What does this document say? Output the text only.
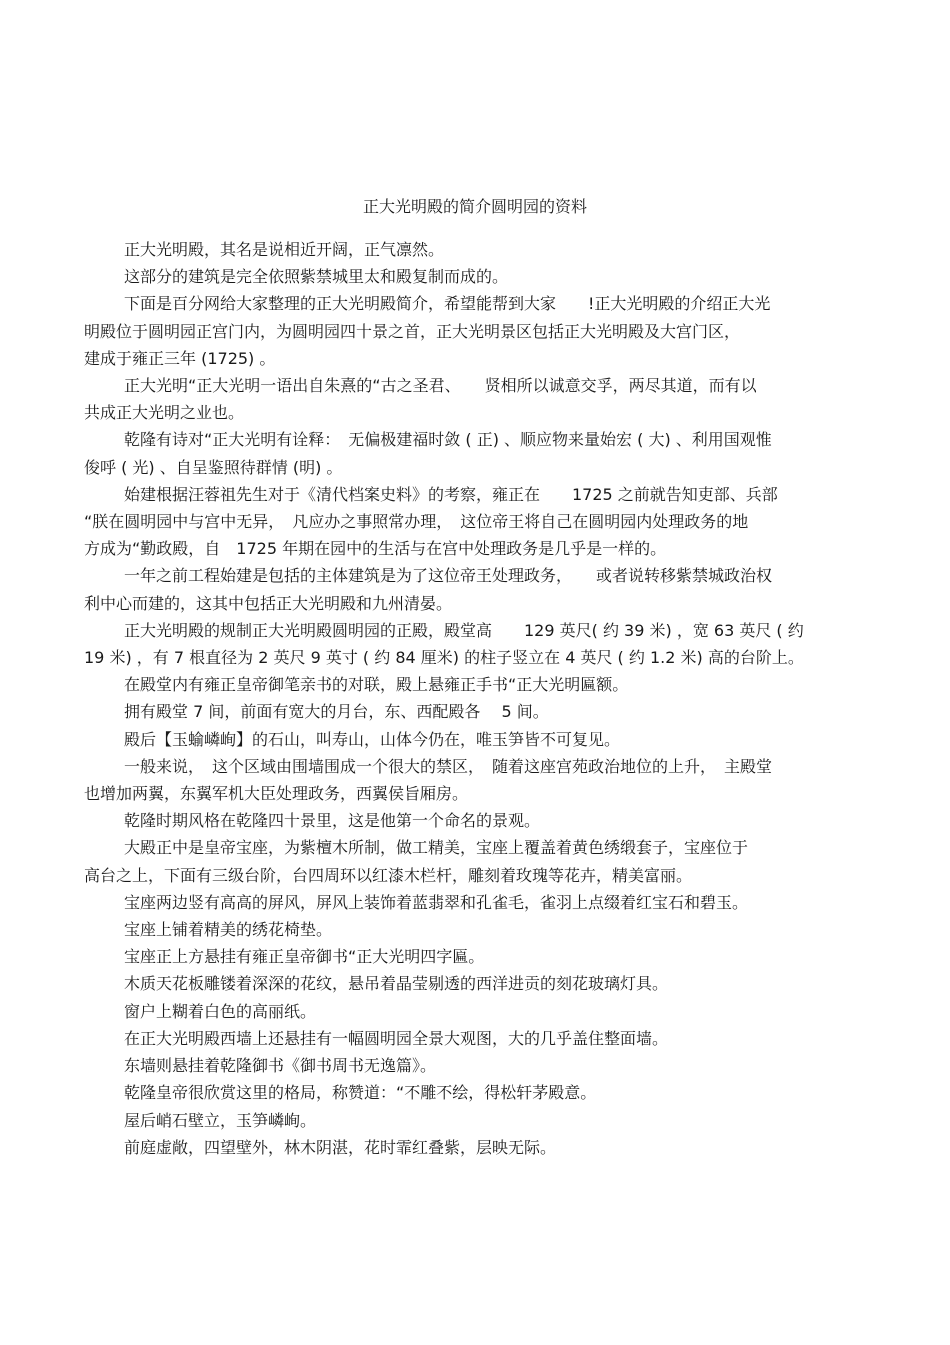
正大光明殿的简介圆明园的资料
正大光明殿，其名是说相近开阔，正气凛然。
这部分的建筑是完全依照紫禁城里太和殿复制而成的。
下面是百分网给大家整理的正大光明殿简介，希望能帮到大家　　!正大光明殿的介绍正大光
明殿位于圆明园正宫门内，为圆明园四十景之首，正大光明景区包括正大光明殿及大宫门区，
建成于雍正三年 (1725) 。
正大光明“正大光明一语出自朱熹的“古之圣君、　　贤相所以诚意交孚，两尽其道，而有以
共成正大光明之业也。
乾隆有诗对“正大光明有诠释：　无偏极建福时敛 ( 正) 、顺应物来量始宏 ( 大) 、利用国观惟
俊呼 ( 光) 、自呈鉴照待群情 (明) 。
始建根据汪蓉祖先生对于《清代档案史料》的考察，雍正在　　1725 之前就告知吏部、兵部
“朕在圆明园中与宫中无异，　凡应办之事照常办理，　这位帝王将自己在圆明园内处理政务的地
方成为“勤政殿，自　1725 年期在园中的生活与在宫中处理政务是几乎是一样的。
一年之前工程始建是包括的主体建筑是为了这位帝王处理政务，　　或者说转移紫禁城政治权
利中心而建的，这其中包括正大光明殿和九州清晏。
正大光明殿的规制正大光明殿圆明园的正殿，殿堂高　　129 英尺( 约 39 米) ，宽 63 英尺 ( 约
19 米) ，有 7 根直径为 2 英尺 9 英寸 ( 约 84 厘米) 的柱子竖立在 4 英尺 ( 约 1.2 米) 高的台阶上。
在殿堂内有雍正皇帝御笔亲书的对联，殿上悬雍正手书“正大光明匾额。
拥有殿堂 7 间，前面有宽大的月台，东、西配殿各　 5 间。
殿后【玉蝓嶙峋】的石山，叫寿山，山体今仍在，唯玉笋皆不可复见。
一般来说，　这个区域由围墙围成一个很大的禁区，　随着这座宫苑政治地位的上升，　主殿堂
也增加两翼，东翼军机大臣处理政务，西翼侯旨厢房。
乾隆时期风格在乾隆四十景里，这是他第一个命名的景观。
大殿正中是皇帝宝座，为紫檀木所制，做工精美，宝座上覆盖着黄色绣缎套子，宝座位于
高台之上，下面有三级台阶，台四周环以红漆木栏杆，雕刻着玫瑰等花卉，精美富丽。
宝座两边竖有高高的屏风，屏风上装饰着蓝翡翠和孔雀毛，雀羽上点缀着红宝石和碧玉。
宝座上铺着精美的绣花椅垫。
宝座正上方悬挂有雍正皇帝御书“正大光明四字匾。
木质天花板雕镂着深深的花纹，悬吊着晶莹剔透的西洋进贡的刻花玻璃灯具。
窗户上糊着白色的高丽纸。
在正大光明殿西墙上还悬挂有一幅圆明园全景大观图，大的几乎盖住整面墙。
东墙则悬挂着乾隆御书《御书周书无逸篇》。
乾隆皇帝很欣赏这里的格局，称赞道：“不雕不绘，得松轩茅殿意。
屋后峭石壁立，玉笋嶙峋。
前庭虚敞，四望壁外，林木阴湛，花时霏红叠紫，层映无际。
